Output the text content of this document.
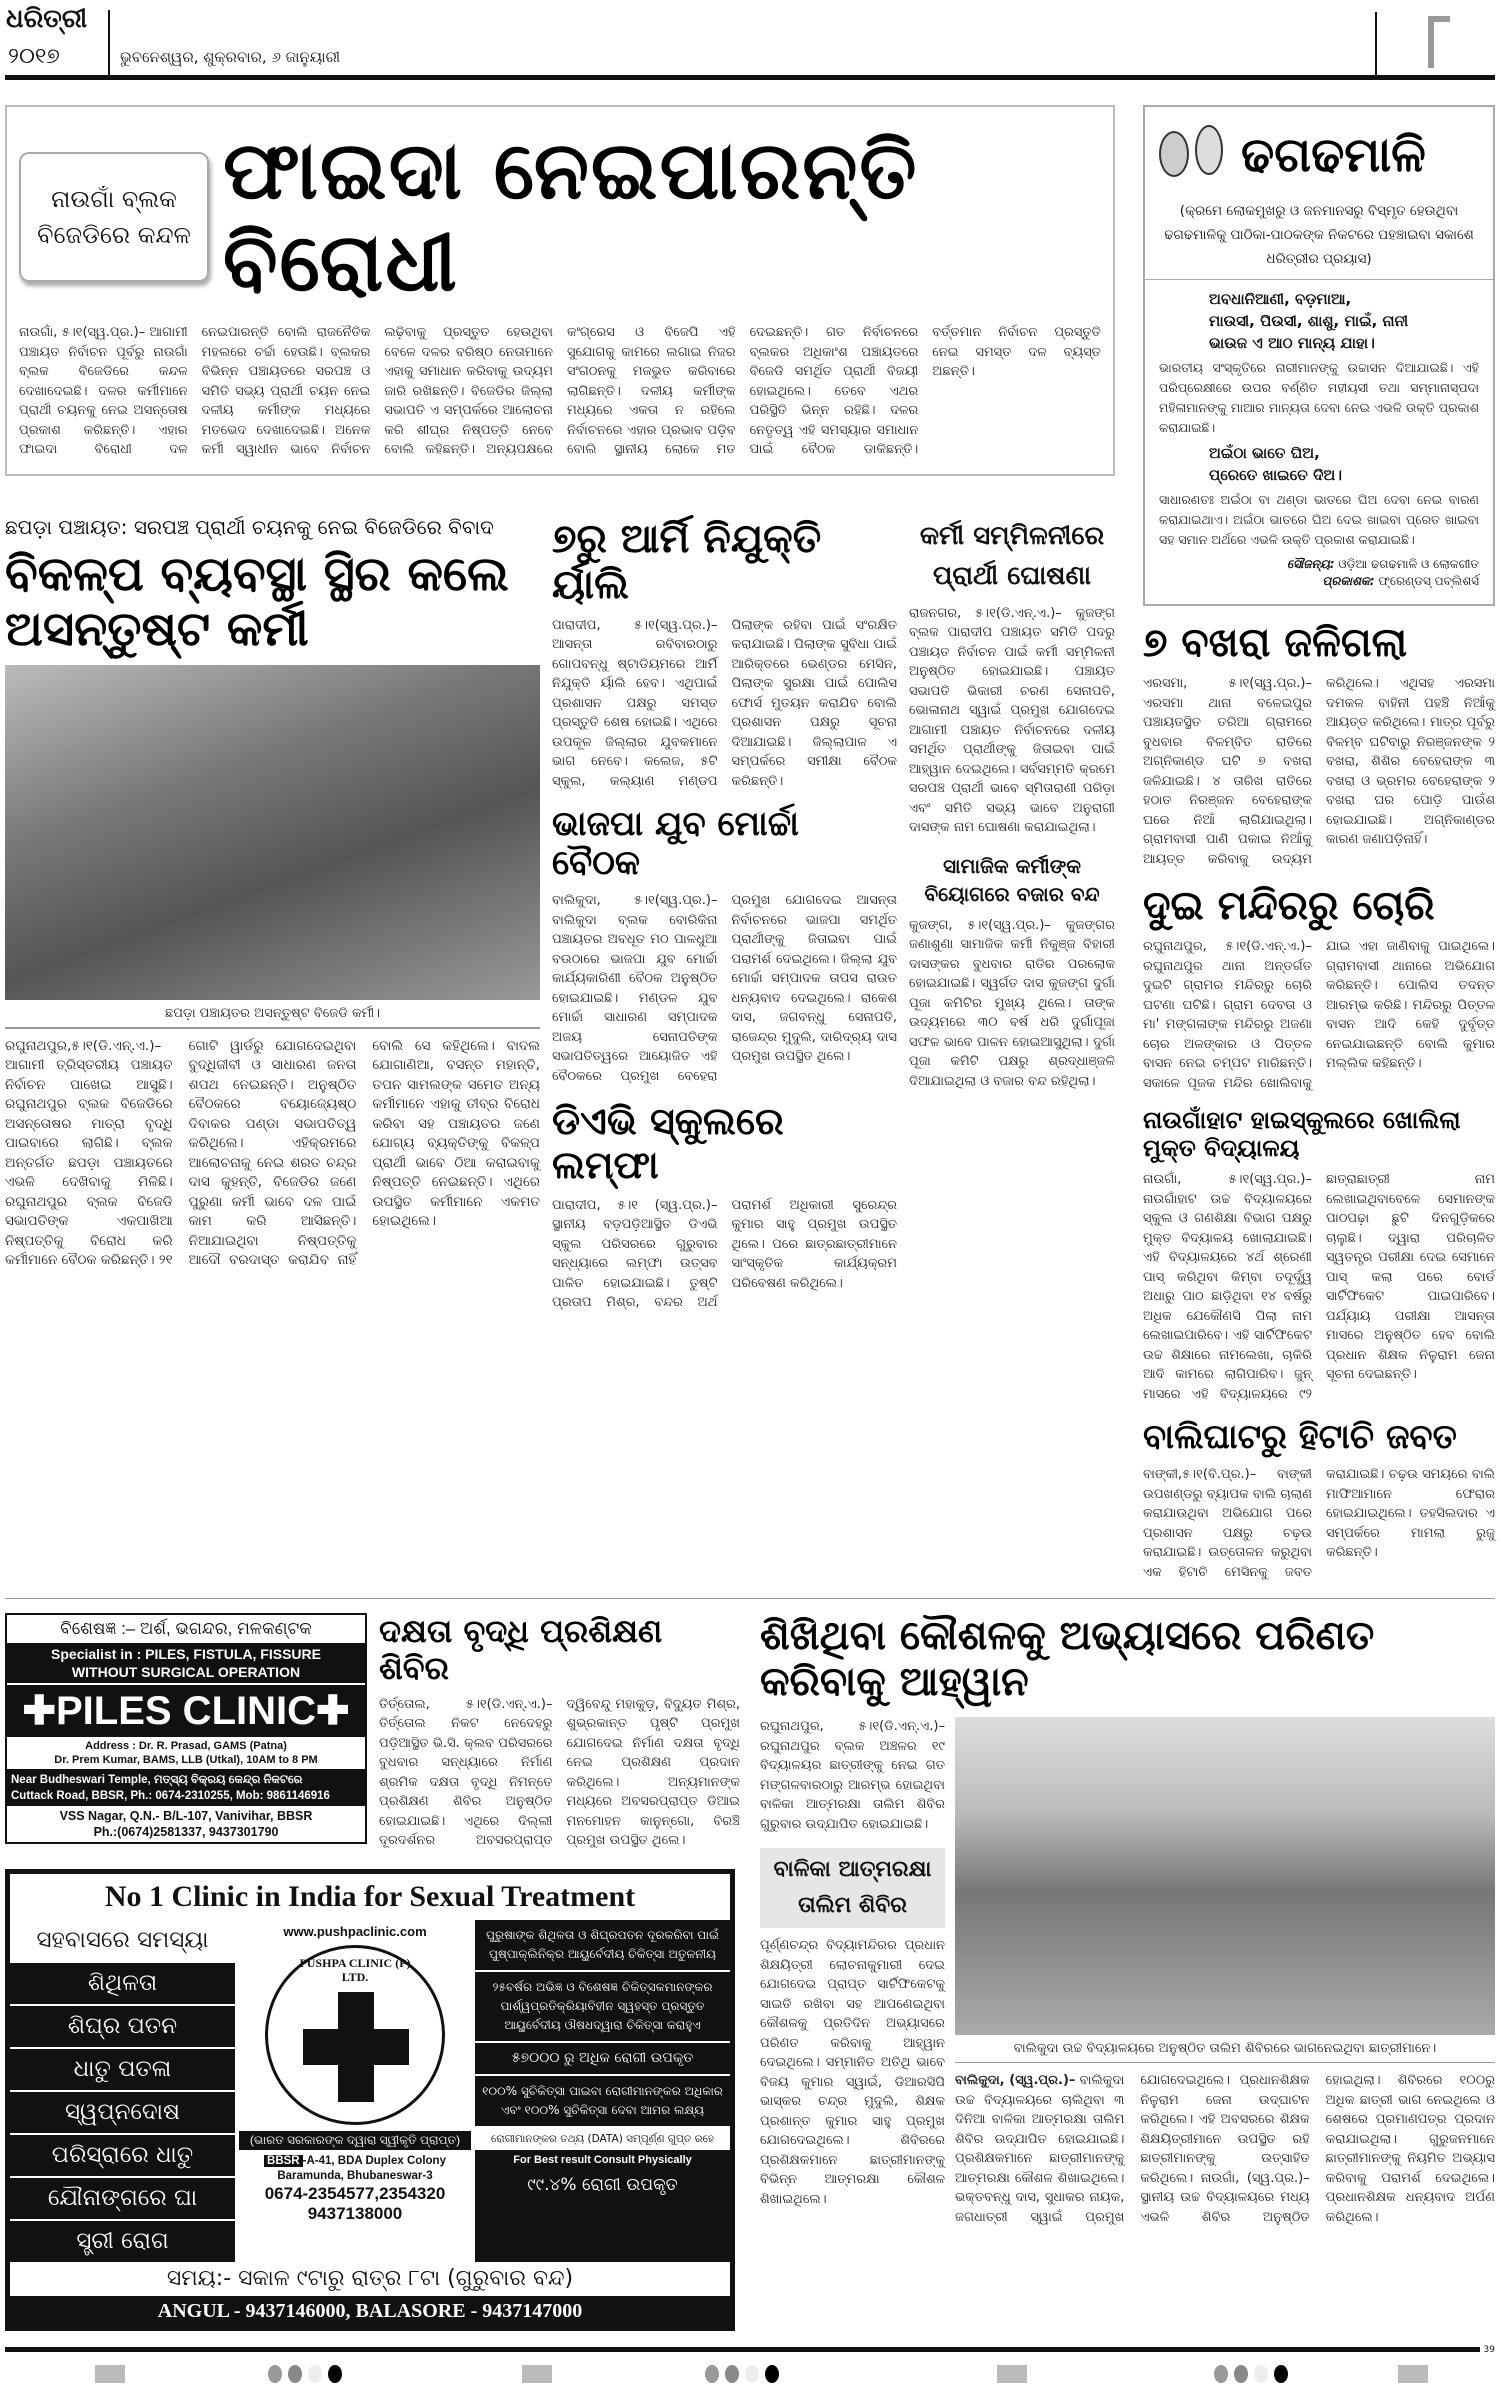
ଧରିତ୍ରୀ
୨୦୧୭	ଭୁବନେଶ୍ୱର, ଶୁକ୍ରବାର, ୬ ଜାନୁୟାରୀ
ନାଉଗାଁ ବ୍ଲକ ବିଜେଡିରେ କନ୍ଦଳ
ଫାଇଦା ନେଇପାରନ୍ତି ବିରୋଧୀ
ନାଉଗାଁ, ୫।୧(ସ୍ୱ.ପ୍ର.)– ଆଗାମୀ ପଞ୍ଚାୟତ ନିର୍ବାଚନ ପୂର୍ବରୁ ନାଉଗାଁ ବ୍ଲକ ବିଜେଡିରେ କନ୍ଦଳ ଦେଖାଦେଇଛି। ଦଳର କର୍ମୀମାନେ ପ୍ରାର୍ଥୀ ଚୟନକୁ ନେଇ ଅସନ୍ତୋଷ ପ୍ରକାଶ କରିଛନ୍ତି। ଏହାର ଫାଇଦା ବିରୋଧୀ ଦଳ ନେଇପାରନ୍ତି ବୋଲି ରାଜନୈତିକ ମହଲରେ ଚର୍ଚ୍ଚା ହେଉଛି। ବ୍ଲକର ବିଭିନ୍ନ ପଞ୍ଚାୟତରେ ସରପଞ୍ଚ ଓ ସମିତି ସଭ୍ୟ ପ୍ରାର୍ଥୀ ଚୟନ ନେଇ ଦଳୀୟ କର୍ମୀଙ୍କ ମଧ୍ୟରେ ମତଭେଦ ଦେଖାଦେଇଛି। ଅନେକ କର୍ମୀ ସ୍ୱାଧୀନ ଭାବେ ନିର୍ବାଚନ ଲଢ଼ିବାକୁ ପ୍ରସ୍ତୁତ ହେଉଥିବା ବେଳେ ଦଳର ବରିଷ୍ଠ ନେତାମାନେ ଏହାକୁ ସମାଧାନ କରିବାକୁ ଉଦ୍ୟମ ଜାରି ରଖିଛନ୍ତି। ବିଜେଡିର ଜିଲ୍ଲା ସଭାପତି ଏ ସମ୍ପର୍କରେ ଆଲୋଚନା କରି ଶୀଘ୍ର ନିଷ୍ପତ୍ତି ନେବେ ବୋଲି କହିଛନ୍ତି। ଅନ୍ୟପକ୍ଷରେ କଂଗ୍ରେସ ଓ ବିଜେପି ଏହି ସୁଯୋଗକୁ କାମରେ ଲଗାଇ ନିଜର ସଂଗଠନକୁ ମଜଭୁତ କରିବାରେ ଲାଗିଛନ୍ତି। ଦଳୀୟ କର୍ମୀଙ୍କ ମଧ୍ୟରେ ଏକତା ନ ରହିଲେ ନିର୍ବାଚନରେ ଏହାର ପ୍ରଭାବ ପଡ଼ିବ ବୋଲି ସ୍ଥାନୀୟ ଲୋକେ ମତ ଦେଇଛନ୍ତି। ଗତ ନିର୍ବାଚନରେ ବ୍ଲକର ଅଧିକାଂଶ ପଞ୍ଚାୟତରେ ବିଜେଡି ସମର୍ଥିତ ପ୍ରାର୍ଥୀ ବିଜୟୀ ହୋଇଥିଲେ। ତେବେ ଏଥର ପରିସ୍ଥିତି ଭିନ୍ନ ରହିଛି। ଦଳର ନେତୃତ୍ୱ ଏହି ସମସ୍ୟାର ସମାଧାନ ପାଇଁ ବୈଠକ ଡାକିଛନ୍ତି। ବର୍ତ୍ତମାନ ନିର୍ବାଚନ ପ୍ରସ୍ତୁତି ନେଇ ସମସ୍ତ ଦଳ ବ୍ୟସ୍ତ ଅଛନ୍ତି।
ଛପଡ଼ା ପଞ୍ଚାୟତ: ସରପଞ୍ଚ ପ୍ରାର୍ଥୀ ଚୟନକୁ ନେଇ ବିଜେଡିରେ ବିବାଦ
ବିକଳ୍ପ ବ୍ୟବସ୍ଥା ସ୍ଥିର କଲେ ଅସନ୍ତୁଷ୍ଟ କର୍ମୀ
ଛପଡ଼ା ପଞ୍ଚାୟତର ଅସନ୍ତୁଷ୍ଟ ବିଜେଡି କର୍ମୀ।
ରଘୁନାଥପୁର,୫।୧(ଡି.ଏନ୍.ଏ.)– ଆଗାମୀ ତ୍ରିସ୍ତରୀୟ ପଞ୍ଚାୟତ ନିର୍ବାଚନ ପାଖେଇ ଆସୁଛି। ରଘୁନାଥପୁର ବ୍ଲକ ବିଜେଡିରେ ଅସନ୍ତୋଷର ମାତ୍ରା ବୃଦ୍ଧି ପାଇବାରେ ଲାଗିଛି। ବ୍ଲକ ଅନ୍ତର୍ଗତ ଛପଡ଼ା ପଞ୍ଚାୟତରେ ଏଭଳି ଦେଖିବାକୁ ମିଳିଛି। ରଘୁନାଥପୁର ବ୍ଲକ ବିଜେଡି ସଭାପତିଙ୍କ ଏକପାଖିଆ ନିଷ୍ପତ୍ତିକୁ ବିରୋଧ କରି କର୍ମୀମାନେ ବୈଠକ କରିଛନ୍ତି। ୨୧ ଗୋଟି ୱାର୍ଡରୁ ଯୋଗଦେଇଥିବା ବୁଦ୍ଧିଜୀବୀ ଓ ସାଧାରଣ ଜନତା ଶପଥ ନେଇଛନ୍ତି। ଅନୁଷ୍ଠିତ ବୈଠକରେ ବୟୋଜ୍ୟେଷ୍ଠ ଦିବାକର ପଣ୍ଡା ସଭାପତିତ୍ୱ କରିଥିଲେ। ଏହିକ୍ରମରେ ଆଲୋଚନାକୁ ନେଇ ଶରତ ଚନ୍ଦ୍ର ଦାସ କୁହନ୍ତି, ବିଜେଡିର ଜଣେ ପୁରୁଣା କର୍ମୀ ଭାବେ ଦଳ ପାଇଁ କାମ କରି ଆସିଛନ୍ତି। ନିଆଯାଇଥିବା ନିଷ୍ପତ୍ତିକୁ ଆଦୌ ବରଦାସ୍ତ କରାଯିବ ନାହିଁ ବୋଲି ସେ କହିଥିଲେ। ବାଦଲ ଯୋଗାଣିଆ, ବସନ୍ତ ମହାନ୍ତି, ତପନ ସାମଲଙ୍କ ସମେତ ଅନ୍ୟ କର୍ମୀମାନେ ଏହାକୁ ତୀବ୍ର ବିରୋଧ କରିବା ସହ ପଞ୍ଚାୟତର ଜଣେ ଯୋଗ୍ୟ ବ୍ୟକ୍ତିଙ୍କୁ ବିକଳ୍ପ ପ୍ରାର୍ଥୀ ଭାବେ ଠିଆ କରାଇବାକୁ ନିଷ୍ପତ୍ତି ନେଇଛନ୍ତି। ଏଥିରେ ଉପସ୍ଥିତ କର୍ମୀମାନେ ଏକମତ ହୋଇଥିଲେ।
୭ରୁ ଆର୍ମି ନିଯୁକ୍ତି ର୍ୟାଲି
ପାରାଦୀପ, ୫।୧(ସ୍ୱ.ପ୍ର.)– ଆସନ୍ତା ରବିବାରଠାରୁ ଗୋପବନ୍ଧୁ ଷ୍ଟାଡିୟମରେ ଆର୍ମି ନିଯୁକ୍ତି ର୍ୟାଲି ହେବ। ଏଥିପାଇଁ ପ୍ରଶାସନ ପକ୍ଷରୁ ସମସ୍ତ ପ୍ରସ୍ତୁତି ଶେଷ ହୋଇଛି। ଏଥିରେ ଉପକୂଳ ଜିଲ୍ଲାର ଯୁବକମାନେ ଭାଗ ନେବେ। କଲେଜ, ୫ଟି ସ୍କୁଲ, କଲ୍ୟାଣ ମଣ୍ଡପ ପିଲାଙ୍କ ରହିବା ପାଇଁ ସଂରକ୍ଷିତ କରାଯାଇଛି। ପିଲାଙ୍କ ସୁବିଧା ପାଇଁ ଆରିକ୍ତରେ ଭେଣ୍ଡର ମେସିନ, ପିଲାଙ୍କ ସୁରକ୍ଷା ପାଇଁ ପୋଲିସ ଫୋର୍ସ ମୁତୟନ କରାଯିବ ବୋଲି ପ୍ରଶାସନ ପକ୍ଷରୁ ସୂଚନା ଦିଆଯାଇଛି। ଜିଲ୍ଲାପାଳ ଏ ସମ୍ପର୍କରେ ସମୀକ୍ଷା ବୈଠକ କରିଛନ୍ତି।
ଭାଜପା ଯୁବ ମୋର୍ଚ୍ଚା ବୈଠକ
ବାଲିକୁଦା, ୫।୧(ସ୍ୱ.ପ୍ର.)– ବାଲିକୁଦା ବ୍ଲକ ବୋରିକିନା ପଞ୍ଚାୟତର ଅବଧୂତ ମଠ ପାଳଧୁଆ ବଉଠାରେ ଭାଜପା ଯୁବ ମୋର୍ଚ୍ଚା କାର୍ଯ୍ୟକାରିଣୀ ବୈଠକ ଅନୁଷ୍ଠିତ ହୋଇଯାଇଛି। ମଣ୍ଡଳ ଯୁବ ମୋର୍ଚ୍ଚା ସାଧାରଣ ସମ୍ପାଦକ ଅଜୟ ସେନାପତିଙ୍କ ସଭାପତିତ୍ୱରେ ଆୟୋଜିତ ଏହି ବୈଠକରେ ପ୍ରମୁଖ ବେହେରା ପ୍ରମୁଖ ଯୋଗଦେଇ ଆସନ୍ତା ନିର୍ବାଚନରେ ଭାଜପା ସମର୍ଥିତ ପ୍ରାର୍ଥୀଙ୍କୁ ଜିତାଇବା ପାଇଁ ପରାମର୍ଶ ଦେଇଥିଲେ। ଜିଲ୍ଲା ଯୁବ ମୋର୍ଚ୍ଚା ସମ୍ପାଦକ ତାପସ ରାଉତ ଧନ୍ୟବାଦ ଦେଇଥିଲେ। ରାକେଶ ଦାସ, ଜଗବନ୍ଧୁ ସେନାପତି, ରାଜେନ୍ଦ୍ର ମୁଦୁଲି, ଦାରିଦ୍ର୍ୟ ଦାସ ପ୍ରମୁଖ ଉପସ୍ଥିତ ଥିଲେ।
ଡିଏଭି ସ୍କୁଲରେ ଲମ୍ଫା
ପାରାଦୀପ, ୫।୧ (ସ୍ୱ.ପ୍ର.)– ସ୍ଥାନୀୟ ବଡ଼ପଡ଼ିଆସ୍ଥିତ ଡିଏଭି ସ୍କୁଲ ପରିସରରେ ଗୁରୁବାର ସନ୍ଧ୍ୟାରେ ଲମ୍ଫା ଉତ୍ସବ ପାଳିତ ହୋଇଯାଇଛି। ତୁଷ୍ଟି ପ୍ରତାପ ମିଶ୍ର, ବନ୍ଦର ଅର୍ଥ ପରାମର୍ଶ ଅଧିକାରୀ ସୁରେନ୍ଦ୍ର କୁମାର ସାହୁ ପ୍ରମୁଖ ଉପସ୍ଥିତ ଥିଲେ। ପରେ ଛାତ୍ରଛାତ୍ରୀମାନେ ସାଂସ୍କୃତିକ କାର୍ଯ୍ୟକ୍ରମ ପରିବେଷଣ କରିଥିଲେ।
କର୍ମୀ ସମ୍ମିଳନୀରେ ପ୍ରାର୍ଥୀ ଘୋଷଣା
ରାଜନଗର, ୫।୧(ଡି.ଏନ୍.ଏ.)– କୁଜଙ୍ଗ ବ୍ଲକ ପାରାଦୀପ ପଞ୍ଚାୟତ ସମିତି ପଦରୁ ପଞ୍ଚାୟତ ନିର୍ବାଚନ ପାଇଁ କର୍ମୀ ସମ୍ମିଳନୀ ଅନୁଷ୍ଠିତ ହୋଇଯାଇଛି। ପଞ୍ଚାୟତ ସଭାପତି ଭିକାରୀ ଚରଣ ସେନାପତି, ଭୋଳାନାଥ ସ୍ୱାଇଁ ପ୍ରମୁଖ ଯୋଗଦେଇ ଆଗାମୀ ପଞ୍ଚାୟତ ନିର୍ବାଚନରେ ଦଳୀୟ ସମର୍ଥିତ ପ୍ରାର୍ଥୀଙ୍କୁ ଜିତାଇବା ପାଇଁ ଆହ୍ୱାନ ଦେଇଥିଲେ। ସର୍ବସମ୍ମତି କ୍ରମେ ସରପଞ୍ଚ ପ୍ରାର୍ଥୀ ଭାବେ ସ୍ମିତାରାଣୀ ପରିଡ଼ା ଏବଂ ସମିତି ସଭ୍ୟ ଭାବେ ଅନୁରାଗୀ ଦାସଙ୍କ ନାମ ଘୋଷଣା କରାଯାଇଥିଲା।
ସାମାଜିକ କର୍ମୀଙ୍କ ବିୟୋଗରେ ବଜାର ବନ୍ଦ
କୁଜଙ୍ଗ, ୫।୧(ସ୍ୱ.ପ୍ର.)– କୁଜଙ୍ଗର ଜଣାଶୁଣା ସାମାଜିକ କର୍ମୀ ନିକୁଞ୍ଜ ବିହାରୀ ଦାସଙ୍କର ବୁଧବାର ରାତିର ପରଲୋକ ହୋଇଯାଇଛି। ସ୍ୱର୍ଗତ ଦାସ କୁଜଙ୍ଗ ଦୁର୍ଗା ପୂଜା କମିଟିର ମୁଖ୍ୟ ଥିଲେ। ତାଙ୍କ ଉଦ୍ୟମରେ ୩୦ ବର୍ଷ ଧରି ଦୁର୍ଗାପୂଜା ସଫଳ ଭାବେ ପାଳନ ହୋଇଆସୁଥିଲା। ଦୁର୍ଗା ପୂଜା କମିଟି ପକ୍ଷରୁ ଶ୍ରଦ୍ଧାଞ୍ଜଳି ଦିଆଯାଇଥିଲା ଓ ବଜାର ବନ୍ଦ ରହିଥିଲା।
ଢଗଢମାଳି
(କ୍ରମେ ଲୋକମୁଖରୁ ଓ ଜନମାନସରୁ ବିସ୍ମୃତ ହେଉଥିବା ଢଗଢମାଳିକୁ ପାଠିକା-ପାଠକଙ୍କ ନିକଟରେ ପହଞ୍ଚାଇବା ସକାଶେ ଧରିତ୍ରୀର ପ୍ରୟାସ)
ଅବଧାନିଆଣୀ, ବଡ଼ମାଆ,
ମାଉସୀ, ପିଉସୀ, ଶାଶୁ, ମାଇଁ, ନାନୀ
ଭାଉଜ ଏ ଆଠ ମାନ୍ୟ ଯାହା।
ଭାରତୀୟ ସଂସ୍କୃତିରେ ନାରୀମାନଙ୍କୁ ଉଚ୍ଚାସନ ଦିଆଯାଇଛି। ଏହି ପରିପ୍ରେକ୍ଷୀରେ ଉପର ବର୍ଣ୍ଣିତ ମହୀୟସୀ ତଥା ସମ୍ମାନାସ୍ପଦା ମହିଳାମାନଙ୍କୁ ମାଆର ମାନ୍ୟତା ଦେବା ନେଇ ଏଭଳି ଉକ୍ତି ପ୍ରକାଶ କରାଯାଇଛି।
ଅଇଁଠା ଭାତେ ଘିଅ,
ପ୍ରେତେ ଖାଇତେ ଦିଅ।
ସାଧାରଣତଃ ଅଇଁଠା ବା ଥଣ୍ଡା ଭାତରେ ଘିଅ ଦେବା ନେଇ ବାରଣ କରାଯାଇଥାଏ। ଅଇଁଠା ଭାତରେ ଘିଅ ଦେଇ ଖାଇବା ପ୍ରେତ ଖାଇବା ସହ ସମାନ ଅର୍ଥରେ ଏଭଳି ଉକ୍ତି ପ୍ରକାଶ କରାଯାଇଛି।
ସୌଜନ୍ୟ: ଓଡ଼ିଆ ଢଗଢମାଳି ଓ ଲୋକଗୀତ
ପ୍ରକାଶକ: ଫ୍ରେଣ୍ଡସ୍ ପବ୍ଲିଶର୍ସ
୭ ବଖରା ଜଳିଗଲା
ଏରସମା, ୫।୧(ସ୍ୱ.ପ୍ର.)– ଏରସମା ଥାନା ବଳେଇପୁର ପଞ୍ଚାୟତସ୍ଥିତ ତରିଆ ଗ୍ରାମରେ ବୁଧବାର ବିଳମ୍ବିତ ରାତିରେ ଅଗ୍ନିକାଣ୍ଡ ଘଟି ୭ ବଖରା ଜଳିଯାଇଛି। ୪ ତାରିଖ ରାତିରେ ହଠାତ ନିରଞ୍ଜନ ବେହେରାଙ୍କ ଘରେ ନିଆଁ ଲାଗିଯାଇଥିଲା। ଗ୍ରାମବାସୀ ପାଣି ପକାଇ ନିଆଁକୁ ଆୟତ୍ତ କରିବାକୁ ଉଦ୍ୟମ କରିଥିଲେ। ଏଥିସହ ଏରସମା ଦମକଳ ବାହିନୀ ପହଞ୍ଚି ନିଆଁକୁ ଆୟତ୍ତ କରିଥିଲେ। ମାତ୍ର ପୂର୍ବରୁ ବିଳମ୍ବ ଘଟିବାରୁ ନିରଞ୍ଜନଙ୍କ ୨ ବଖରା, ଶିଶିର ବେହେରାଙ୍କ ୩ ବଖରା ଓ ଭ୍ରମର ବେହେରାଙ୍କ ୨ ବଖରା ଘର ପୋଡ଼ି ପାଉଁଶ ହୋଇଯାଇଛି। ଅଗ୍ନିକାଣ୍ଡର କାରଣ ଜଣାପଡ଼ିନାହିଁ।
ଦୁଇ ମନ୍ଦିରରୁ ଚୋରି
ରଘୁନାଥପୁର, ୫।୧(ଡି.ଏନ୍.ଏ.)– ରଘୁନାଥପୁର ଥାନା ଅନ୍ତର୍ଗତ ଦୁଇଟି ଗ୍ରାମର ମନ୍ଦିରରୁ ଚୋରି ଘଟଣା ଘଟିଛି। ଗ୍ରାମ ଦେବତା ଓ ମା' ମଙ୍ଗଳାଙ୍କ ମନ୍ଦିରରୁ ଅଜଣା ଚୋର ଅଳଙ୍କାର ଓ ପିତ୍ତଳ ବାସନ ନେଇ ଚମ୍ପଟ ମାରିଛନ୍ତି। ସକାଳେ ପୂଜକ ମନ୍ଦିର ଖୋଲିବାକୁ ଯାଇ ଏହା ଜାଣିବାକୁ ପାଇଥିଲେ। ଗ୍ରାମବାସୀ ଥାନାରେ ଅଭିଯୋଗ କରିଛନ୍ତି। ପୋଲିସ ତଦନ୍ତ ଆରମ୍ଭ କରିଛି। ମନ୍ଦିରରୁ ପିତ୍ତଳ ବାସନ ଆଦି କେହି ଦୁର୍ବୃତ୍ତ ନେଇଯାଇଛନ୍ତି ବୋଲି କୁମାର ମଲ୍ଲିକ କହିଛନ୍ତି।
ନାଉଗାଁହାଟ ହାଇସ୍କୁଲରେ ଖୋଲିଲା ମୁକ୍ତ ବିଦ୍ୟାଳୟ
ନାଉଗାଁ, ୫।୧(ସ୍ୱ.ପ୍ର.)– ନାଉଗାଁହାଟ ଉଚ୍ଚ ବିଦ୍ୟାଳୟରେ ସ୍କୁଲ ଓ ଗଣଶିକ୍ଷା ବିଭାଗ ପକ୍ଷରୁ ମୁକ୍ତ ବିଦ୍ୟାଳୟ ଖୋଲାଯାଇଛି। ଏହି ବିଦ୍ୟାଳୟରେ ୪ର୍ଥ ଶ୍ରେଣୀ ପାସ୍ କରିଥିବା କିମ୍ବା ତଦୂର୍ଦ୍ଧ୍ୱ ଅଧାରୁ ପାଠ ଛାଡ଼ିଥିବା ୧୪ ବର୍ଷରୁ ଅଧିକ ଯେକୌଣସି ପିଲା ନାମ ଲେଖାଇପାରିବେ। ଏହି ସାର୍ଟିଫିକେଟ ଉଚ୍ଚ ଶିକ୍ଷାରେ ନାମଲେଖା, ଚାକିରି ଆଦି କାମରେ ଲାଗିପାରିବ। ଜୁନ୍ ମାସରେ ଏହି ବିଦ୍ୟାଳୟରେ ୯୨ ଛାତ୍ରାଛାତ୍ରୀ ନାମ ଲେଖାଇଥିବାବେଳେ ସେମାନଙ୍କ ପାଠପଢ଼ା ଛୁଟି ଦିନଗୁଡ଼ିକରେ ଚାଲୁଛି। ଦ୍ୱାରା ପରିଚାଳିତ ସ୍ୱତନ୍ତ୍ର ପରୀକ୍ଷା ଦେଇ ସେମାନେ ପାସ୍ କଲା ପରେ ବୋର୍ଡ ସାର୍ଟିଫିକେଟ ପାଇପାରିବେ। ପର୍ଯ୍ୟାୟ ପରୀକ୍ଷା ଆସନ୍ତା ମାସରେ ଅନୁଷ୍ଠିତ ହେବ ବୋଲି ପ୍ରଧାନ ଶିକ୍ଷକ ନିଳୁରାମ ଜେନା ସୂଚନା ଦେଇଛନ୍ତି।
ବାଲିଘାଟରୁ ହିଟାଚି ଜବତ
ବାଙ୍କୀ,୫।୧(ବି.ପ୍ର.)– ବାଙ୍କୀ ଉପଖଣ୍ଡରୁ ବ୍ୟାପକ ବାଲି ଚାଲାଣ କରାଯାଉଥିବା ଅଭିଯୋଗ ପରେ ପ୍ରଶାସନ ପକ୍ଷରୁ ଚଢ଼ଉ କରାଯାଇଛି। ଉତ୍ତୋଳନ କରୁଥିବା ଏକ ହିଟାଚି ମେସିନକୁ ଜବତ କରାଯାଇଛି। ଚଢ଼ଉ ସମୟରେ ବାଲି ମାଫିଆମାନେ ଫେରାର ହୋଇଯାଇଥିଲେ। ତହସିଲଦାର ଏ ସମ୍ପର୍କରେ ମାମଲା ରୁଜୁ କରିଛନ୍ତି।
ବିଶେଷଜ୍ଞ :– ଅର୍ଶ, ଭଗନ୍ଦର, ମଳକଣ୍ଟକ
Specialist in : PILES, FISTULA, FISSURE
WITHOUT SURGICAL OPERATION
✚PILES CLINIC✚
Address : Dr. R. Prasad, GAMS (Patna)
Dr. Prem Kumar, BAMS, LLB (Utkal), 10AM to 8 PM
Near Budheswari Temple, ମତ୍ସ୍ୟ ବିକ୍ରୟ କେନ୍ଦ୍ର ନିକଟରେ
Cuttack Road, BBSR, Ph.: 0674-2310255, Mob: 9861146916
VSS Nagar, Q.N.- B/L-107, Vanivihar, BBSR
Ph.:(0674)2581337, 9437301790
ଦକ୍ଷତା ବୃଦ୍ଧି ପ୍ରଶିକ୍ଷଣ ଶିବିର
ତିର୍ତ୍ତୋଲ, ୫।୧(ଡି.ଏନ୍.ଏ.)– ତିର୍ତ୍ତୋଲ ନିକଟ ନେଦେହରୁ ପଡ଼ିଆସ୍ଥିତ ଭି.ସି. କ୍ଲବ ପରିସରରେ ବୁଧବାର ସନ୍ଧ୍ୟାରେ ନିର୍ମାଣ ଶ୍ରମିକ ଦକ୍ଷତା ବୃଦ୍ଧି ନିମନ୍ତେ ପ୍ରଶିକ୍ଷଣ ଶିବିର ଅନୁଷ୍ଠିତ ହୋଇଯାଇଛି। ଏଥିରେ ଦିଲ୍ଲୀ ଦୂରଦର୍ଶନର ଅବସରପ୍ରାପ୍ତ ଦ୍ୱିବେନ୍ଦୁ ମହାକୁଡ଼, ବିଦ୍ୟୁତ ମିଶ୍ର, ଶୁଭ୍ରକାନ୍ତ ପୃଷ୍ଟି ପ୍ରମୁଖ ଯୋଗଦେଇ ନିର୍ମାଣ ଦକ୍ଷତା ବୃଦ୍ଧି ନେଇ ପ୍ରଶିକ୍ଷଣ ପ୍ରଦାନ କରିଥିଲେ। ଅନ୍ୟମାନଙ୍କ ମଧ୍ୟରେ ଅବସରପ୍ରାପ୍ତ ଡିଆଇ ମନମୋହନ କାନୁନ୍‌ଗୋ, ବିରଞ୍ଚି ପ୍ରମୁଖ ଉପସ୍ଥିତ ଥିଲେ।
No 1 Clinic in India for Sexual Treatment
ସହବାସରେ ସମସ୍ୟା
ଶିଥିଳତା
ଶିଘ୍ର ପତନ
ଧାତୁ ପତଳା
ସ୍ୱପ୍ନଦୋଷ
ପରିସ୍ରାରେ ଧାତୁ
ଯୌନାଙ୍ଗରେ ଘା
ସ୍ତ୍ରୀ ରୋଗ
www.pushpaclinic.com
PUSHPA CLINIC (P) LTD.
(ଭାରତ ସରକାରଙ୍କ ଦ୍ୱାରା ସ୍ୱୀକୃତି ପ୍ରାପ୍ତ)
BBSR -A-41, BDA Duplex Colony
Baramunda, Bhubaneswar-3
0674-2354577,2354320
9437138000
ପୁରୁଷାଙ୍କ ଶିଥିଳତା ଓ ଶିଘ୍ରପତନ ଦୂରକରିବା ପାଇଁ ପୁଷ୍ପାକ୍ଲିନିକ୍‌ର ଆୟୁର୍ବେଦୀୟ ଚିକିତ୍ସା ଅତୁଳନୀୟ
୨୫ବର୍ଷର ଅଭିଜ୍ଞ ଓ ବିଶେଷଜ୍ଞ ଚିକିତ୍ସକମାନଙ୍କର ପାର୍ଶ୍ୱପ୍ରତିକ୍ରିୟାବିହୀନ ସ୍ୱହସ୍ତ ପ୍ରସ୍ତୁତ ଆୟୁର୍ବେଦୀୟ ଔଷଧଦ୍ୱାରା ଚିକିତ୍ସା କରାହୁଏ
୫୭୦୦୦ ରୁ ଅଧିକ ରୋଗୀ ଉପକୃତ
୧୦୦% ସୁଚିକିତ୍ସା ପାଇବା ରୋଗୀମାନଙ୍କର ଅଧିକାର ଏବଂ ୧୦୦% ସୁଚିକିତ୍ସା ଦେବା ଆମର ଲକ୍ଷ୍ୟ
ରୋଗୀମାନଙ୍କର ତଥ୍ୟ (DATA) ସମ୍ପୂର୍ଣ୍ଣ ଗୁପ୍ତ ରହେ
For Best result Consult Physically
୯୯.୪% ରୋଗୀ ଉପକୃତ
ସମୟ:- ସକାଳ ୯ଟାରୁ ରାତ୍ର ୮ଟା (ଗୁରୁବାର ବନ୍ଦ)
ANGUL - 9437146000, BALASORE - 9437147000
ଶିଖିଥିବା କୌଶଳକୁ ଅଭ୍ୟାସରେ ପରିଣତ କରିବାକୁ ଆହ୍ୱାନ
ରଘୁନାଥପୁର, ୫।୧(ଡି.ଏନ୍.ଏ.)– ରଘୁନାଥପୁର ବ୍ଲକ ଅଞ୍ଚଳର ୧୯ ବିଦ୍ୟାଳୟର ଛାତ୍ରୀଙ୍କୁ ନେଇ ଗତ ମଙ୍ଗଳବାରଠାରୁ ଆରମ୍ଭ ହୋଇଥିବା ବାଳିକା ଆତ୍ମରକ୍ଷା ତାଲିମ ଶିବିର ଗୁରୁବାର ଉଦ୍‌ଯାପିତ ହୋଇଯାଇଛି।
ବାଳିକା ଆତ୍ମରକ୍ଷା ତାଲିମ ଶିବିର
ପୂର୍ଣ୍ଣଚନ୍ଦ୍ର ବିଦ୍ୟାମନ୍ଦିରର ପ୍ରଧାନ ଶିକ୍ଷୟିତ୍ରୀ ଲୋଚନାକୁମାରୀ ଦେଇ ଯୋଗଦେଇ ପ୍ରାପ୍ତ ସାର୍ଟିଫିକେଟକୁ ସାଇତି ରଖିବା ସହ ଆପଣେଇଥିବା କୌଶଳକୁ ପ୍ରତିଦିନ ଅଭ୍ୟାସରେ ପରିଣତ କରିବାକୁ ଆହ୍ୱାନ ଦେଇଥିଲେ। ସମ୍ମାନିତ ଅତିଥି ଭାବେ ବିଜୟ କୁମାର ସ୍ୱାଇଁ, ଡିଆରସିପି ଭାସ୍କର ଚନ୍ଦ୍ର ମୁଦୁଲି, ଶିକ୍ଷକ ପ୍ରଶାନ୍ତ କୁମାର ସାହୁ ପ୍ରମୁଖ ଯୋଗଦେଇଥିଲେ। ଶିବିରରେ ପ୍ରଶିକ୍ଷକମାନେ ଛାତ୍ରୀମାନଙ୍କୁ ବିଭିନ୍ନ ଆତ୍ମରକ୍ଷା କୌଶଳ ଶିଖାଇଥିଲେ।
ବାଲିକୁଦା ଉଚ୍ଚ ବିଦ୍ୟାଳୟରେ ଅନୁଷ୍ଠିତ ତାଲିମ ଶିବିରରେ ଭାଗନେଇଥିବା ଛାତ୍ରୀମାନେ।
ବାଲିକୁଦା, (ସ୍ୱ.ପ୍ର.)– ବାଲିକୁଦା ଉଚ୍ଚ ବିଦ୍ୟାଳୟରେ ଚାଲିଥିବା ୩ ଦିନିଆ ବାଳିକା ଆତ୍ମରକ୍ଷା ତାଲିମ ଶିବିର ଉଦ୍‌ଯାପିତ ହୋଇଯାଇଛି। ପ୍ରଶିକ୍ଷକମାନେ ଛାତ୍ରୀମାନଙ୍କୁ ଆତ୍ମରକ୍ଷା କୌଶଳ ଶିଖାଇଥିଲେ। ଭକ୍ତବନ୍ଧୁ ଦାସ, ସୁଧାକର ନାୟକ, ଜଗଧାତ୍ରୀ ସ୍ୱାଇଁ ପ୍ରମୁଖ ଯୋଗଦେଇଥିଲେ। ପ୍ରଧାନଶିକ୍ଷକ ନିଳୁରାମ ଜେନା ଉଦ୍‌ଘାଟନ କରିଥିଲେ। ଏହି ଅବସରରେ ଶିକ୍ଷକ ଶିକ୍ଷୟିତ୍ରୀମାନେ ଉପସ୍ଥିତ ରହି ଛାତ୍ରୀମାନଙ୍କୁ ଉତ୍ସାହିତ କରିଥିଲେ। ନାଉଗାଁ, (ସ୍ୱ.ପ୍ର.)– ସ୍ଥାନୀୟ ଉଚ୍ଚ ବିଦ୍ୟାଳୟରେ ମଧ୍ୟ ଏଭଳି ଶିବିର ଅନୁଷ୍ଠିତ ହୋଇଥିଲା। ଶିବିରରେ ୧୦୦ରୁ ଅଧିକ ଛାତ୍ରୀ ଭାଗ ନେଇଥିଲେ ଓ ଶେଷରେ ପ୍ରମାଣପତ୍ର ପ୍ରଦାନ କରାଯାଇଥିଲା। ଗୁରୁଜନମାନେ ଛାତ୍ରୀମାନଙ୍କୁ ନିୟମିତ ଅଭ୍ୟାସ କରିବାକୁ ପରାମର୍ଶ ଦେଇଥିଲେ। ପ୍ରଧାନଶିକ୍ଷକ ଧନ୍ୟବାଦ ଅର୍ପଣ କରିଥିଲେ।
39
